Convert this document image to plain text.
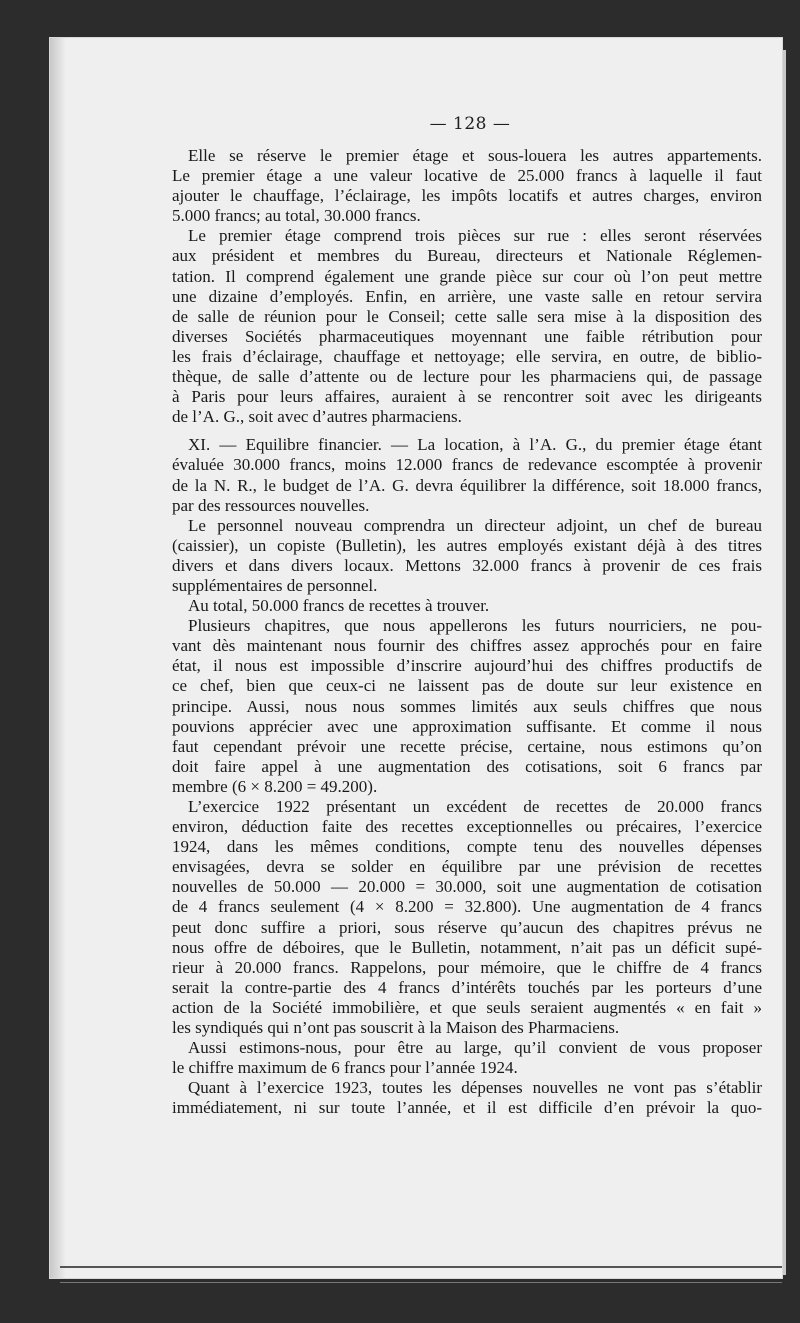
— 128 —
Elle se réserve le premier étage et sous-louera les autres appartements.
Le premier étage a une valeur locative de 25.000 francs à laquelle il faut
ajouter le chauffage, l’éclairage, les impôts locatifs et autres charges, environ
5.000 francs; au total, 30.000 francs.
Le premier étage comprend trois pièces sur rue : elles seront réservées
aux président et membres du Bureau, directeurs et Nationale Réglemen-
tation. Il comprend également une grande pièce sur cour où l’on peut mettre
une dizaine d’employés. Enfin, en arrière, une vaste salle en retour servira
de salle de réunion pour le Conseil; cette salle sera mise à la disposition des
diverses Sociétés pharmaceutiques moyennant une faible rétribution pour
les frais d’éclairage, chauffage et nettoyage; elle servira, en outre, de biblio-
thèque, de salle d’attente ou de lecture pour les pharmaciens qui, de passage
à Paris pour leurs affaires, auraient à se rencontrer soit avec les dirigeants
de l’A. G., soit avec d’autres pharmaciens.
XI. — Equilibre financier. — La location, à l’A. G., du premier étage étant
évaluée 30.000 francs, moins 12.000 francs de redevance escomptée à provenir
de la N. R., le budget de l’A. G. devra équilibrer la différence, soit 18.000 francs,
par des ressources nouvelles.
Le personnel nouveau comprendra un directeur adjoint, un chef de bureau
(caissier), un copiste (Bulletin), les autres employés existant déjà à des titres
divers et dans divers locaux. Mettons 32.000 francs à provenir de ces frais
supplémentaires de personnel.
Au total, 50.000 francs de recettes à trouver.
Plusieurs chapitres, que nous appellerons les futurs nourriciers, ne pou-
vant dès maintenant nous fournir des chiffres assez approchés pour en faire
état, il nous est impossible d’inscrire aujourd’hui des chiffres productifs de
ce chef, bien que ceux-ci ne laissent pas de doute sur leur existence en
principe. Aussi, nous nous sommes limités aux seuls chiffres que nous
pouvions apprécier avec une approximation suffisante. Et comme il nous
faut cependant prévoir une recette précise, certaine, nous estimons qu’on
doit faire appel à une augmentation des cotisations, soit 6 francs par
membre (6 × 8.200 = 49.200).
L’exercice 1922 présentant un excédent de recettes de 20.000 francs
environ, déduction faite des recettes exceptionnelles ou précaires, l’exercice
1924, dans les mêmes conditions, compte tenu des nouvelles dépenses
envisagées, devra se solder en équilibre par une prévision de recettes
nouvelles de 50.000 — 20.000 = 30.000, soit une augmentation de cotisation
de 4 francs seulement (4 × 8.200 = 32.800). Une augmentation de 4 francs
peut donc suffire a priori, sous réserve qu’aucun des chapitres prévus ne
nous offre de déboires, que le Bulletin, notamment, n’ait pas un déficit supé-
rieur à 20.000 francs. Rappelons, pour mémoire, que le chiffre de 4 francs
serait la contre-partie des 4 francs d’intérêts touchés par les porteurs d’une
action de la Société immobilière, et que seuls seraient augmentés « en fait »
les syndiqués qui n’ont pas souscrit à la Maison des Pharmaciens.
Aussi estimons-nous, pour être au large, qu’il convient de vous proposer
le chiffre maximum de 6 francs pour l’année 1924.
Quant à l’exercice 1923, toutes les dépenses nouvelles ne vont pas s’établir
immédiatement, ni sur toute l’année, et il est difficile d’en prévoir la quo-
